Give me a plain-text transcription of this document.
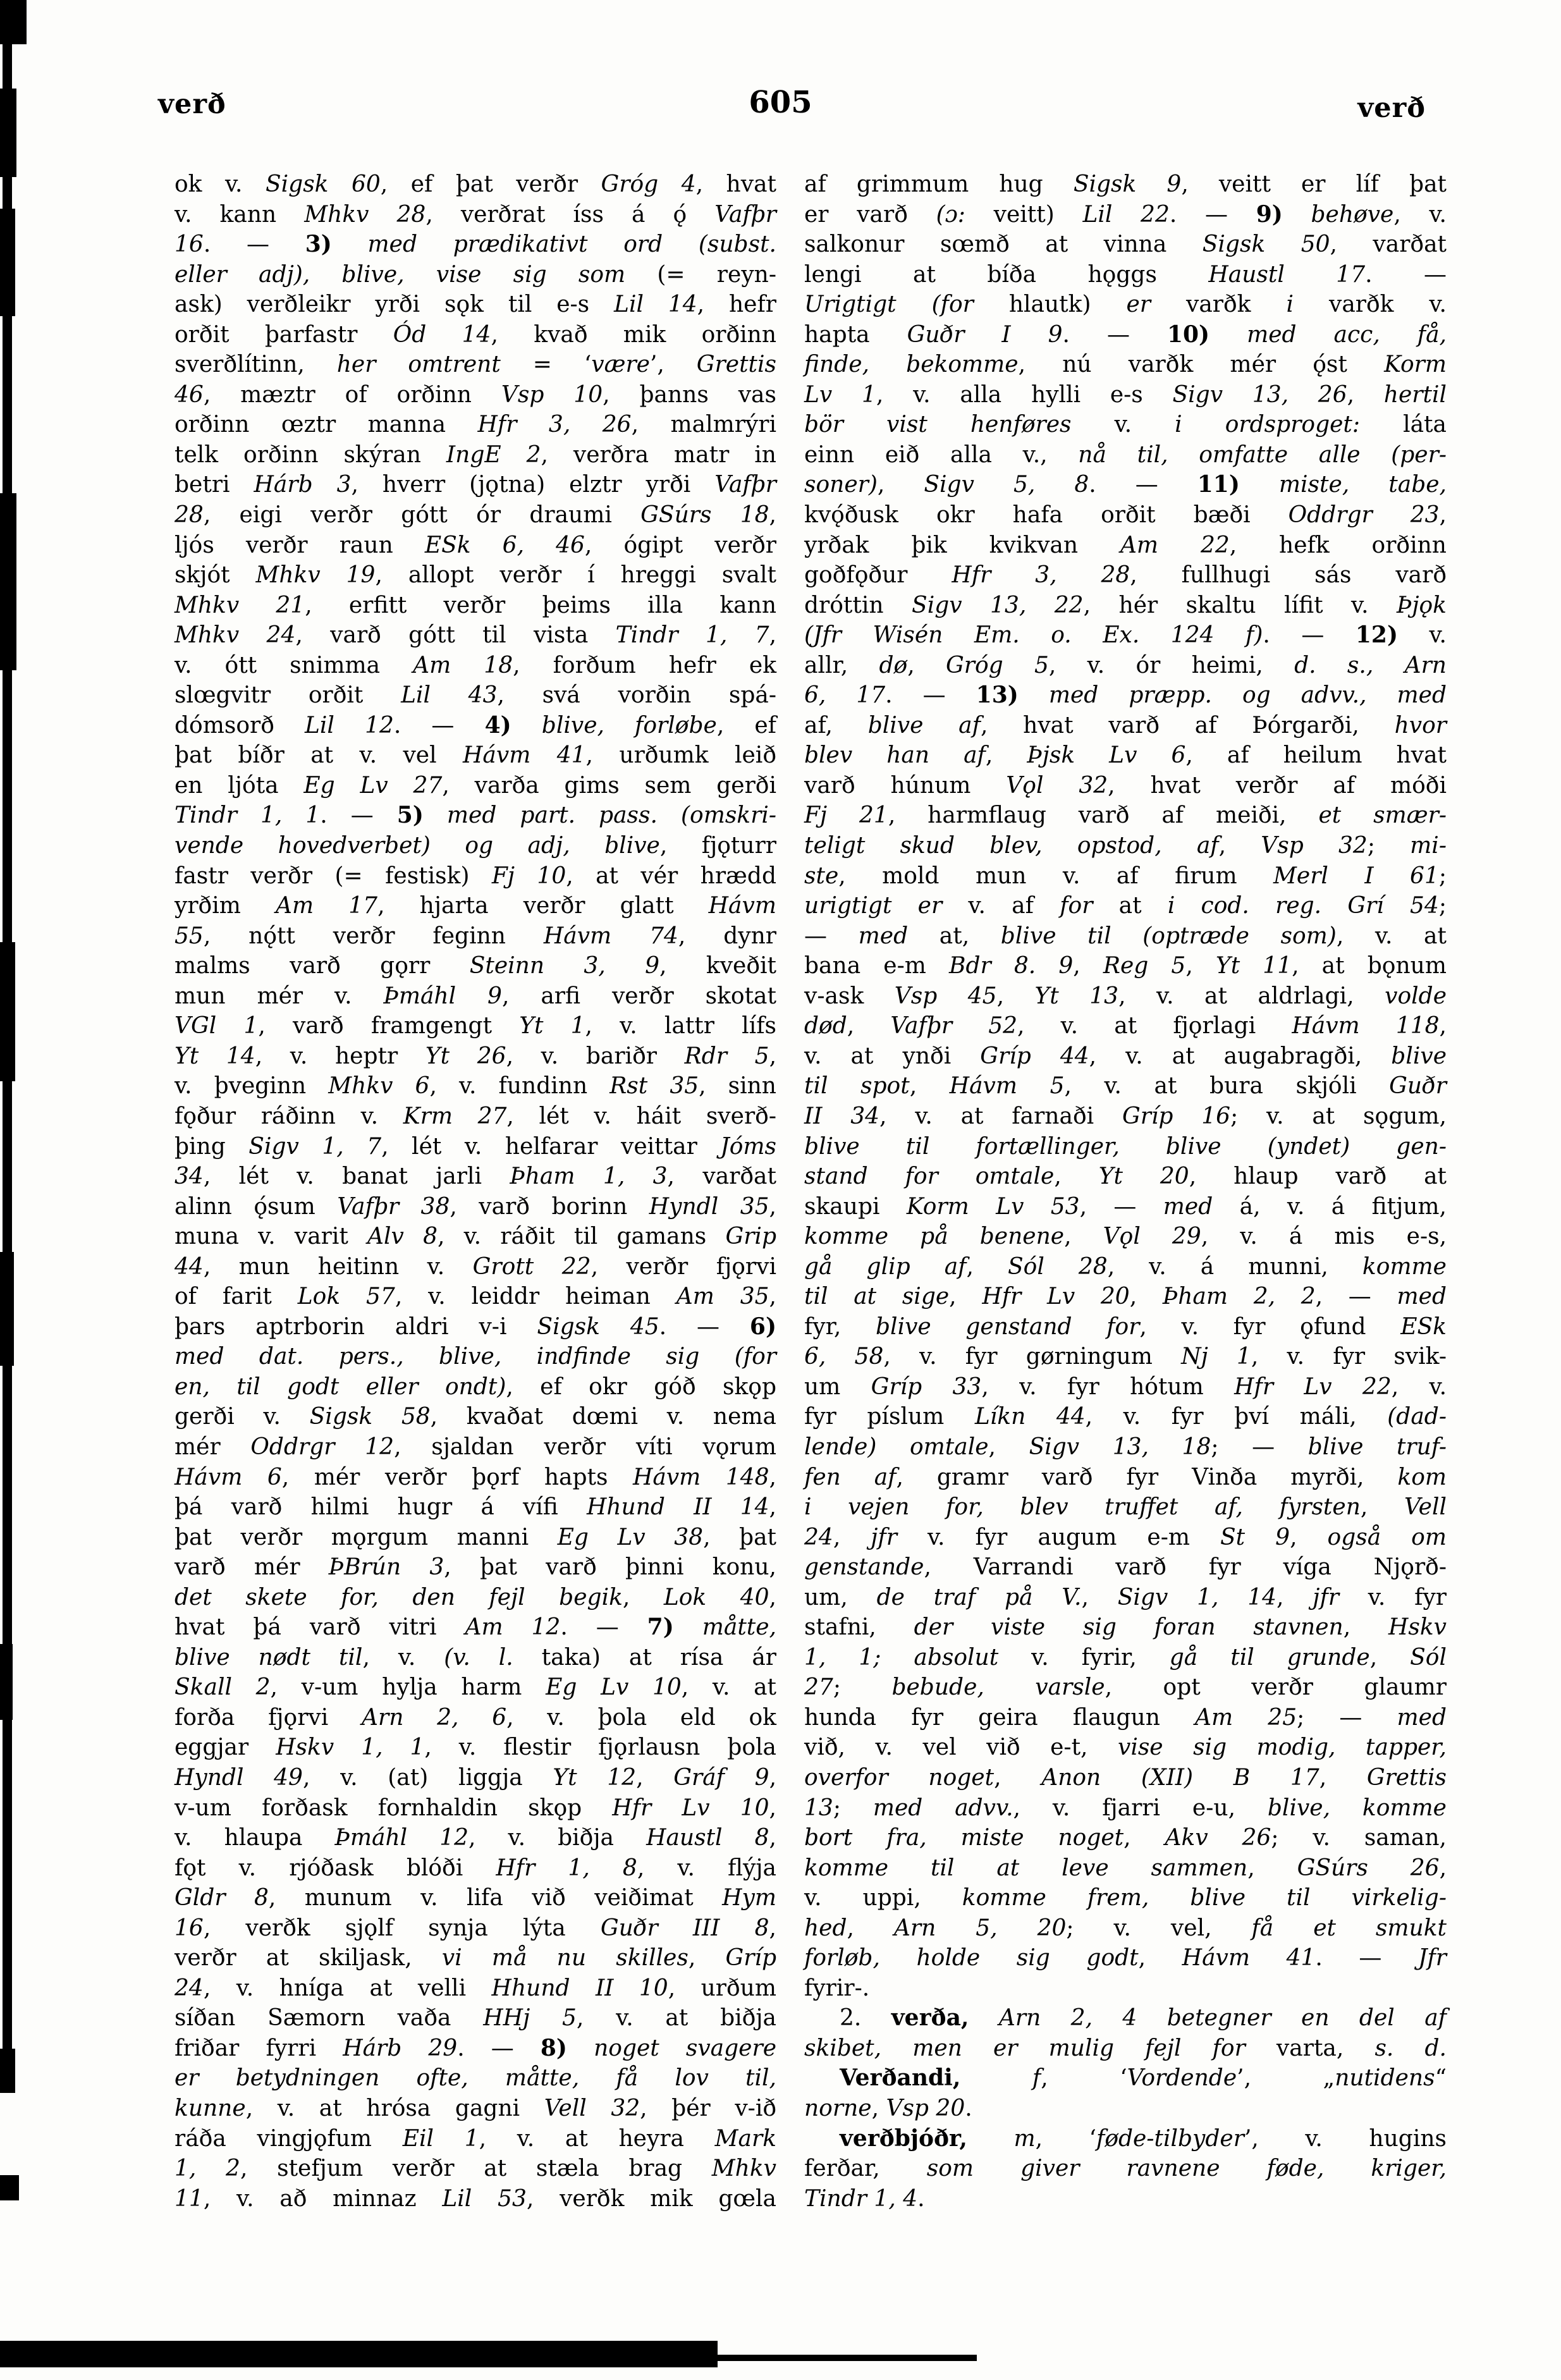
verð	605	verð
ok v. Sigsk 60, ef þat verðr Gróg 4, hvat
v. kann Mhkv 28, verðrat íss á ǫ́ Vafþr
16. — 3) med prædikativt ord (subst.
eller adj), blive, vise sig som (= reyn-
ask) verðleikr yrði sǫk til e-s Lil 14, hefr
orðit þarfastr Ód 14, kvað mik orðinn
sverðlítinn, her omtrent = ‘være’, Grettis
46, mæztr of orðinn Vsp 10, þanns vas
orðinn œztr manna Hfr 3, 26, malmrýri
telk orðinn skýran IngE 2, verðra matr in
betri Hárb 3, hverr (jǫtna) elztr yrði Vafþr
28, eigi verðr gótt ór draumi GSúrs 18,
ljós verðr raun ESk 6, 46, ógipt verðr
skjót Mhkv 19, allopt verðr í hreggi svalt
Mhkv 21, erfitt verðr þeims illa kann
Mhkv 24, varð gótt til vista Tindr 1, 7,
v. ótt snimma Am 18, forðum hefr ek
slœgvitr orðit Lil 43, svá vorðin spá-
dómsorð Lil 12. — 4) blive, forløbe, ef
þat bíðr at v. vel Hávm 41, urðumk leið
en ljóta Eg Lv 27, varða gims sem gerði
Tindr 1, 1. — 5) med part. pass. (omskri-
vende hovedverbet) og adj, blive, fjǫturr
fastr verðr (= festisk) Fj 10, at vér hrædd
yrðim Am 17, hjarta verðr glatt Hávm
55, nǫ́tt verðr feginn Hávm 74, dynr
malms varð gǫrr Steinn 3, 9, kveðit
mun mér v. Þmáhl 9, arfi verðr skotat
VGl 1, varð framgengt Yt 1, v. lattr lífs
Yt 14, v. heptr Yt 26, v. bariðr Rdr 5,
v. þveginn Mhkv 6, v. fundinn Rst 35, sinn
fǫður ráðinn v. Krm 27, lét v. háit sverð-
þing Sigv 1, 7, lét v. helfarar veittar Jóms
34, lét v. banat jarli Þham 1, 3, varðat
alinn ǫ́sum Vafþr 38, varð borinn Hyndl 35,
muna v. varit Alv 8, v. ráðit til gamans Grip
44, mun heitinn v. Grott 22, verðr fjǫrvi
of farit Lok 57, v. leiddr heiman Am 35,
þars aptrborin aldri v-i Sigsk 45. — 6)
med dat. pers., blive, indfinde sig (for
en, til godt eller ondt), ef okr góð skǫp
gerði v. Sigsk 58, kvaðat dœmi v. nema
mér Oddrgr 12, sjaldan verðr víti vǫrum
Hávm 6, mér verðr þǫrf hapts Hávm 148,
þá varð hilmi hugr á vífi Hhund II 14,
þat verðr mǫrgum manni Eg Lv 38, þat
varð mér ÞBrún 3, þat varð þinni konu,
det skete for, den fejl begik, Lok 40,
hvat þá varð vitri Am 12. — 7) måtte,
blive nødt til, v. (v. l. taka) at rísa ár
Skall 2, v-um hylja harm Eg Lv 10, v. at
forða fjǫrvi Arn 2, 6, v. þola eld ok
eggjar Hskv 1, 1, v. flestir fjǫrlausn þola
Hyndl 49, v. (at) liggja Yt 12, Gráf 9,
v-um forðask fornhaldin skǫp Hfr Lv 10,
v. hlaupa Þmáhl 12, v. biðja Haustl 8,
fǫt v. rjóðask blóði Hfr 1, 8, v. flýja
Gldr 8, munum v. lifa við veiðimat Hym
16, verðk sjǫlf synja lýta Guðr III 8,
verðr at skiljask, vi må nu skilles, Gríp
24, v. hníga at velli Hhund II 10, urðum
síðan Sæmorn vaða HHj 5, v. at biðja
friðar fyrri Hárb 29. — 8) noget svagere
er betydningen ofte, måtte, få lov til,
kunne, v. at hrósa gagni Vell 32, þér v-ið
ráða vingjǫfum Eil 1, v. at heyra Mark
1, 2, stefjum verðr at stæla brag Mhkv
11, v. að minnaz Lil 53, verðk mik gœla
af grimmum hug Sigsk 9, veitt er líf þat
er varð (ɔ: veitt) Lil 22. — 9) behøve, v.
salkonur sœmð at vinna Sigsk 50, varðat
lengi at bíða hǫggs Haustl 17. —
Urigtigt (for hlautk) er varðk i varðk v.
hapta Guðr I 9. — 10) med acc, få,
finde, bekomme, nú varðk mér ǫ́st Korm
Lv 1, v. alla hylli e-s Sigv 13, 26, hertil
bör vist henføres v. i ordsproget: láta
einn eið alla v., nå til, omfatte alle (per-
soner), Sigv 5, 8. — 11) miste, tabe,
kvǫ́ðusk okr hafa orðit bæði Oddrgr 23,
yrðak þik kvikvan Am 22, hefk orðinn
goðfǫður Hfr 3, 28, fullhugi sás varð
dróttin Sigv 13, 22, hér skaltu lífit v. Þjǫk
(Jfr Wisén Em. o. Ex. 124 f). — 12) v.
allr, dø, Gróg 5, v. ór heimi, d. s., Arn
6, 17. — 13) med præpp. og advv., med
af, blive af, hvat varð af Þórgarði, hvor
blev han af, Þjsk Lv 6, af heilum hvat
varð húnum Vǫl 32, hvat verðr af móði
Fj 21, harmflaug varð af meiði, et smær-
teligt skud blev, opstod, af, Vsp 32; mi-
ste, mold mun v. af firum Merl I 61;
urigtigt er v. af for at i cod. reg. Grí 54;
— med at, blive til (optræde som), v. at
bana e-m Bdr 8. 9, Reg 5, Yt 11, at bǫnum
v-ask Vsp 45, Yt 13, v. at aldrlagi, volde
død, Vafþr 52, v. at fjǫrlagi Hávm 118,
v. at ynði Gríp 44, v. at augabragði, blive
til spot, Hávm 5, v. at bura skjóli Guðr
II 34, v. at farnaði Gríp 16; v. at sǫgum,
blive til fortællinger, blive (yndet) gen-
stand for omtale, Yt 20, hlaup varð at
skaupi Korm Lv 53, — med á, v. á fitjum,
komme på benene, Vǫl 29, v. á mis e-s,
gå glip af, Sól 28, v. á munni, komme
til at sige, Hfr Lv 20, Þham 2, 2, — med
fyr, blive genstand for, v. fyr ǫfund ESk
6, 58, v. fyr gørningum Nj 1, v. fyr svik-
um Gríp 33, v. fyr hótum Hfr Lv 22, v.
fyr píslum Líkn 44, v. fyr því máli, (dad-
lende) omtale, Sigv 13, 18; — blive truf-
fen af, gramr varð fyr Vinða myrði, kom
i vejen for, blev truffet af, fyrsten, Vell
24, jfr v. fyr augum e-m St 9, også om
genstande, Varrandi varð fyr víga Njǫrð-
um, de traf på V., Sigv 1, 14, jfr v. fyr
stafni, der viste sig foran stavnen, Hskv
1, 1; absolut v. fyrir, gå til grunde, Sól
27; bebude, varsle, opt verðr glaumr
hunda fyr geira flaugun Am 25; — med
við, v. vel við e-t, vise sig modig, tapper,
overfor noget, Anon (XII) B 17, Grettis
13; med advv., v. fjarri e-u, blive, komme
bort fra, miste noget, Akv 26; v. saman,
komme til at leve sammen, GSúrs 26,
v. uppi, komme frem, blive til virkelig-
hed, Arn 5, 20; v. vel, få et smukt
forløb, holde sig godt, Hávm 41. — Jfr
fyrir-.
2. verða, Arn 2, 4 betegner en del af
skibet, men er mulig fejl for varta, s. d.
Verðandi,	f, ‘Vordende’, „nutidens“
norne, Vsp 20.
verðbjóðr, m, ‘føde-tilbyder’, v. hugins
ferðar, som giver ravnene føde, kriger,
Tindr 1, 4.
